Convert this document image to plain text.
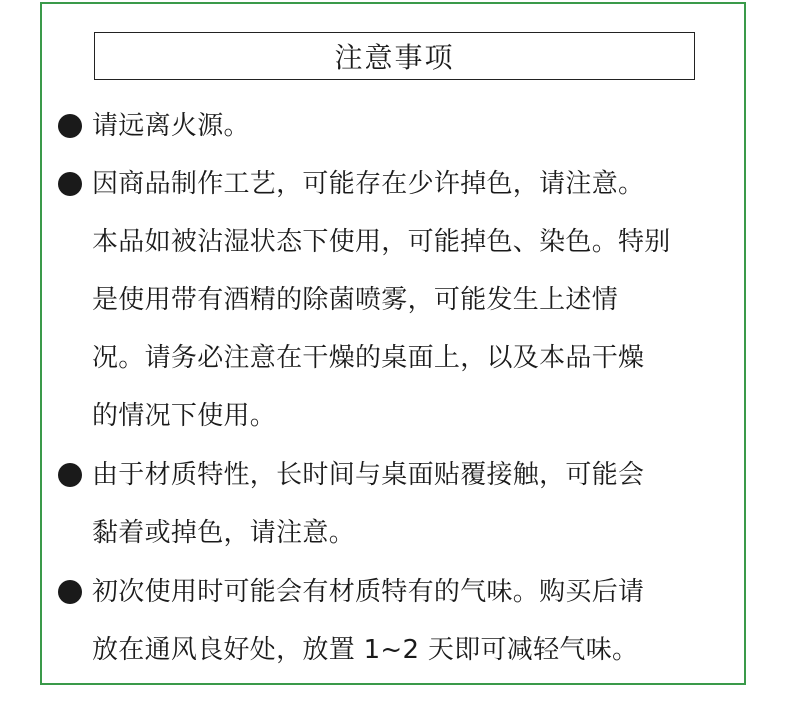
注意事项
请远离火源。
因商品制作工艺，可能存在少许掉色，请注意。
本品如被沾湿状态下使用，可能掉色、染色。特别
是使用带有酒精的除菌喷雾，可能发生上述情
况。请务必注意在干燥的桌面上，以及本品干燥
的情况下使用。
由于材质特性，长时间与桌面贴覆接触，可能会
黏着或掉色，请注意。
初次使用时可能会有材质特有的气味。购买后请
放在通风良好处，放置 1~2 天即可减轻气味。
